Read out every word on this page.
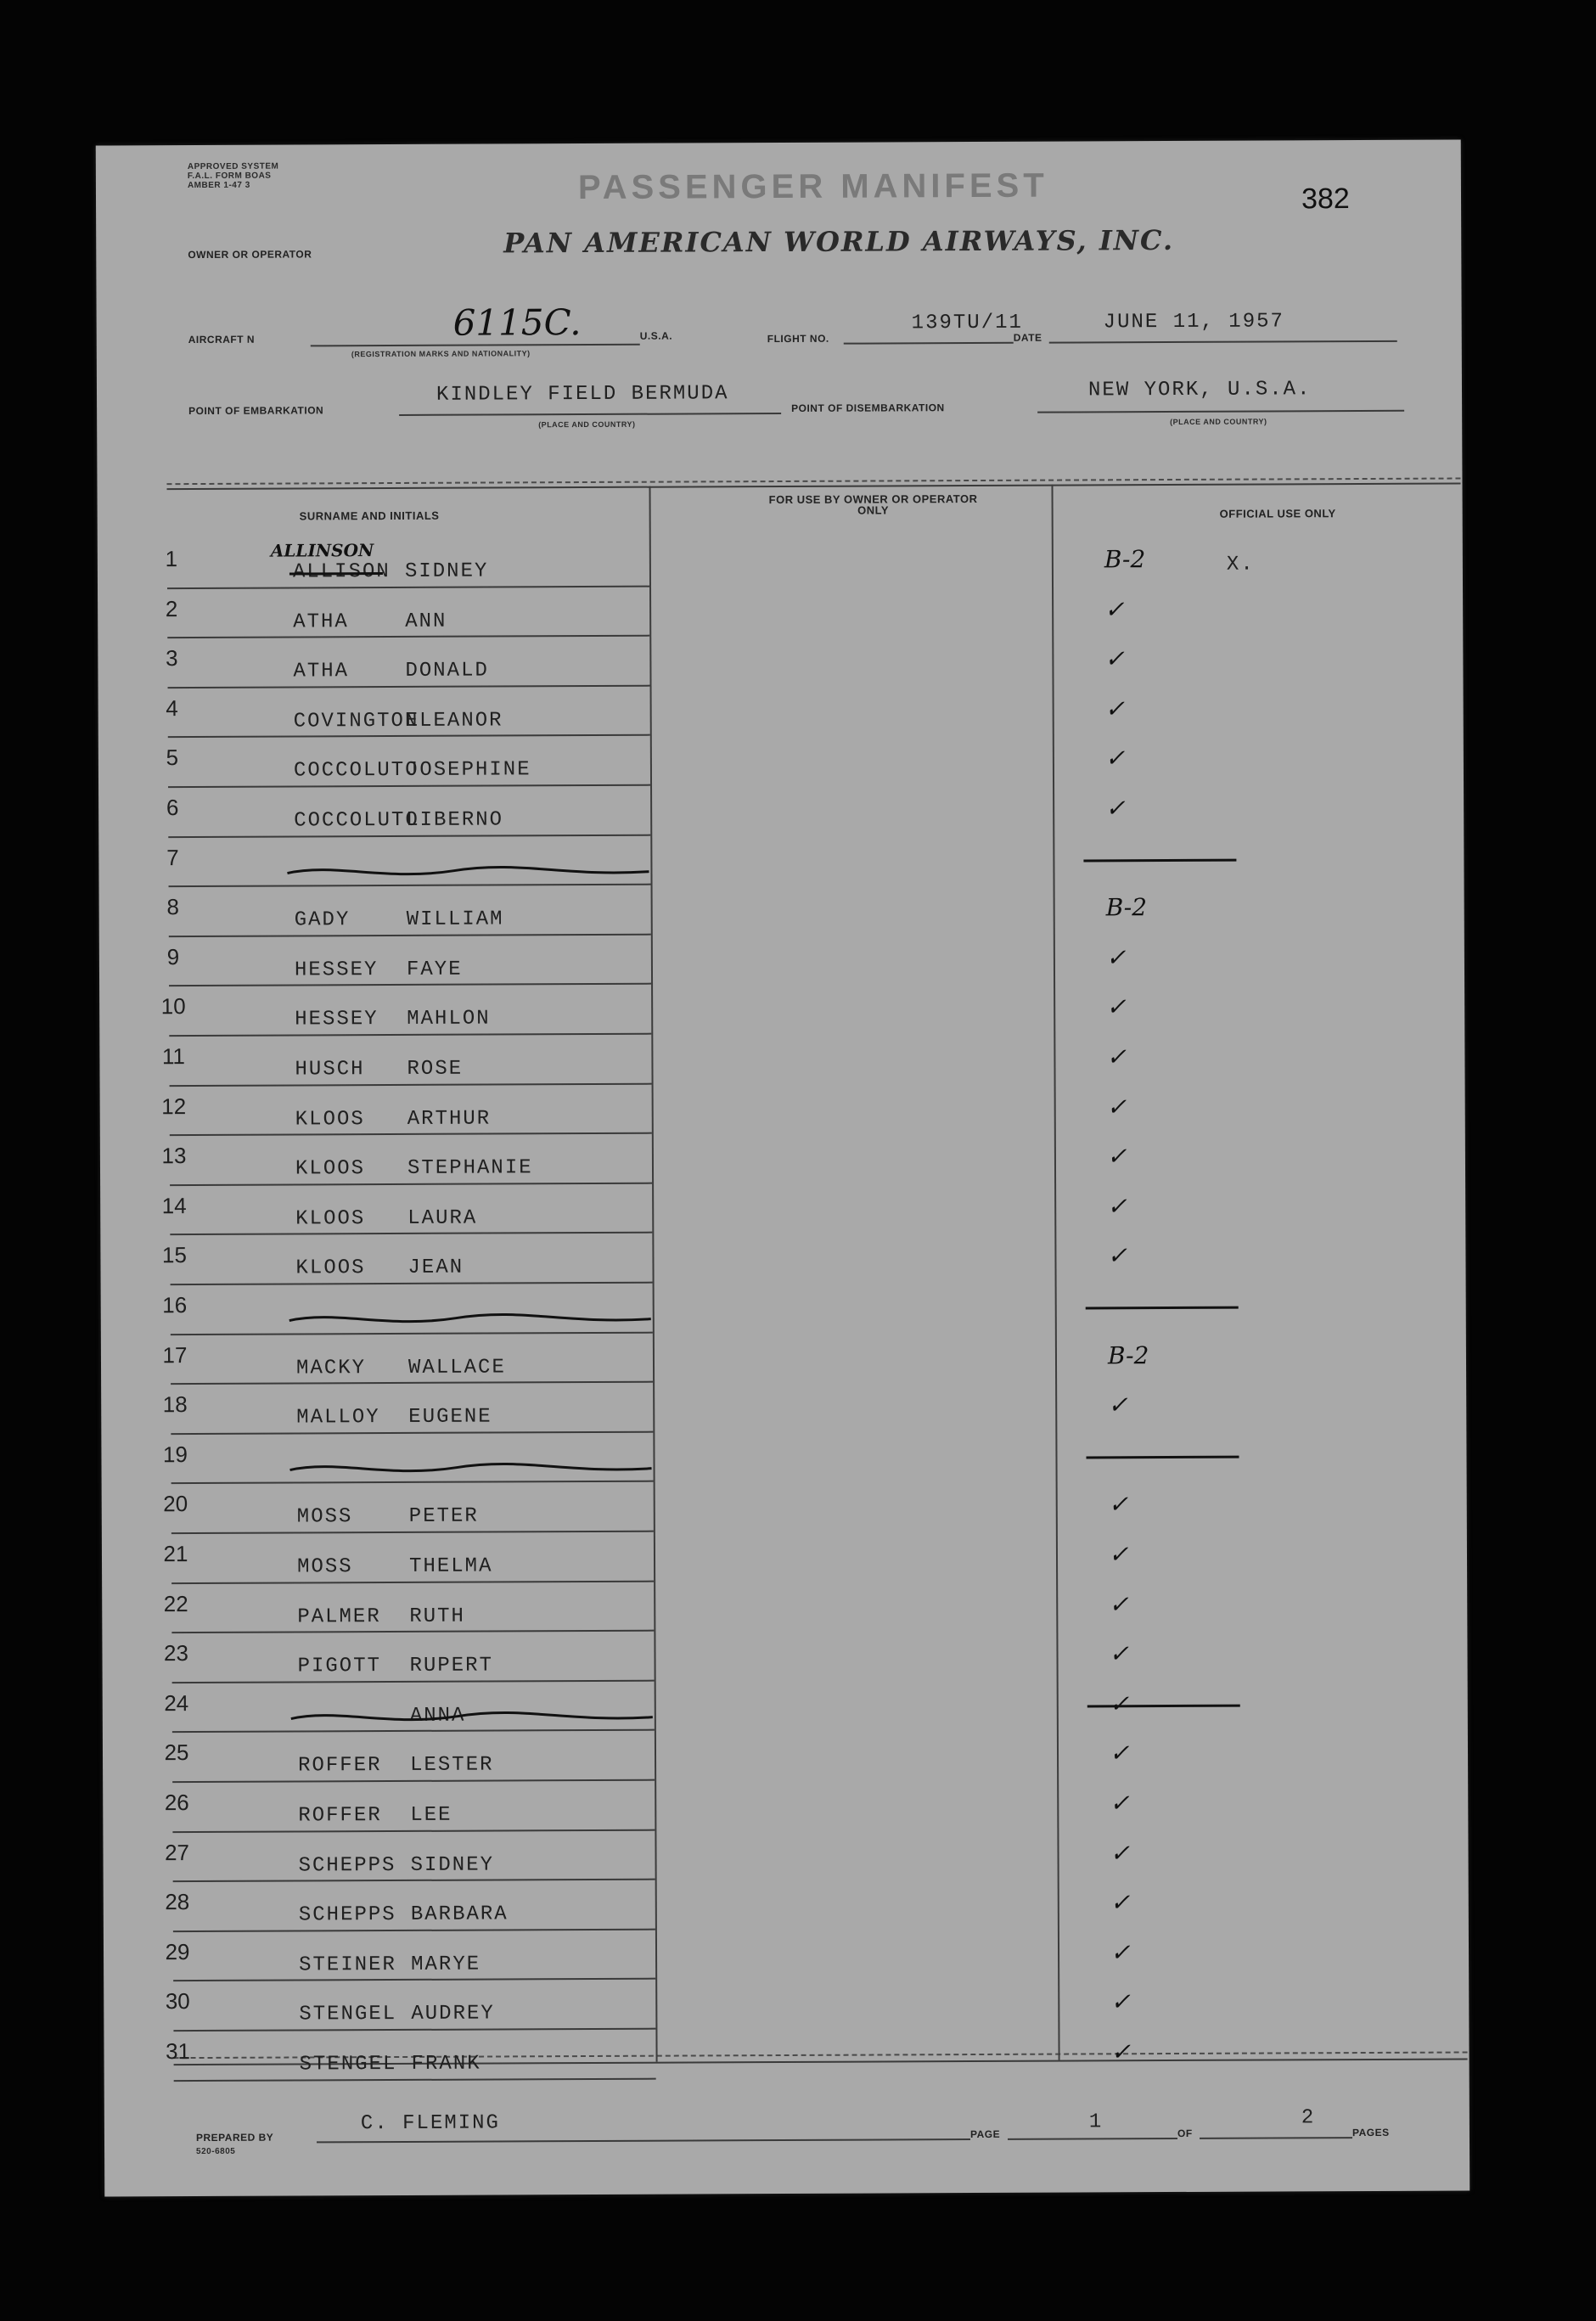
APPROVED SYSTEM F.A.L. FORM BOAS AMBER 1-47 3	PASSENGER MANIFEST	382
OWNER OR OPERATOR	PAN AMERICAN WORLD AIRWAYS, INC.
AIRCRAFT N	6115C.
(REGISTRATION MARKS AND NATIONALITY)
U.S.A.	FLIGHT NO.
139TU/11
DATE
JUNE 11, 1957
POINT OF EMBARKATION
KINDLEY FIELD BERMUDA
(PLACE AND COUNTRY)
POINT OF DISEMBARKATION
NEW YORK, U.S.A.
(PLACE AND COUNTRY)
SURNAME AND INITIALS
FOR USE BY OWNER OR OPERATOR ONLY	OFFICIAL USE ONLY
1
ALLISON SIDNEY
ALLINSON	B-2	X.
2
ATHA	ANN	✓
3
ATHA	DONALD	✓
4
COVINGTON
ELEANOR	✓
5
COCCOLUTO
JOSEPHINE	✓
6
COCCOLUTO
LIBERNO	✓
7
8
GADY	WILLIAM	B-2
9
HESSEY FAYE	✓
10
HESSEY MAHLON	✓
11
HUSCH ROSE	✓
12
KLOOS ARTHUR	✓
13
KLOOS STEPHANIE	✓
14
KLOOS LAURA	✓
15
KLOOS JEAN	✓
16
17
MACKY WALLACE	B-2
18
MALLOY EUGENE	✓
19
20
MOSS	PETER	✓
21
MOSS	THELMA	✓
22
PALMER RUTH	✓
23
PIGOTT RUPERT	✓
24
ANNA	✓
25
ROFFER LESTER	✓
26
ROFFER LEE	✓
27
SCHEPPS SIDNEY	✓
28
SCHEPPS BARBARA	✓
29
STEINER MARYE	✓
30
STENGEL AUDREY	✓
31
STENGEL FRANK	✓
PREPARED BY
520-6805
C. FLEMING	PAGE
1	OF
2
PAGES
